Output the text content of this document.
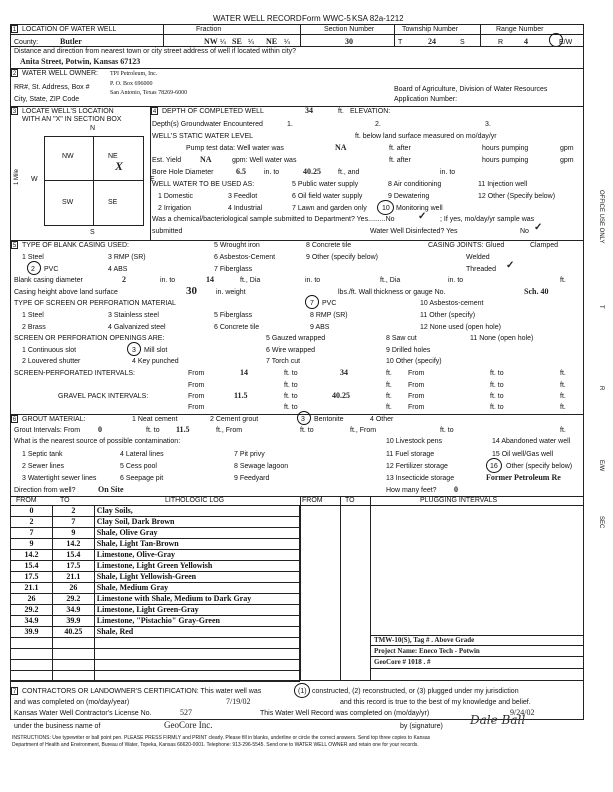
WATER WELL RECORD Form WWC-5 KSA 82a-1212
1 LOCATION OF WATER WELL	Fraction	Section Number	Township Number	Range Number
County:	Butler	NW ¼ SE ¼ NE ¼	30	T	24	S	R	4	E/W
Distance and direction from nearest town or city street address of well if located within city?
Anita Street, Potwin, Kansas 67123
2 WATER WELL OWNER: TPI Petroleum, Inc.
RR#, St. Address, Box #	P. O. Box 696000
City, State, ZIP Code
San Antonio, Texas 78269-6000	Board of Agriculture, Division of Water Resources
Application Number:
3 LOCATE WELL'S LOCATION
WITH AN "X" IN SECTION BOX
N
S
W	E
1 Mile
NW	NE
X
SW	SE
4 DEPTH OF COMPLETED WELL	34	ft. ELEVATION:
Depth(s) Groundwater Encountered	1.	2.	3.
WELL'S STATIC WATER LEVEL	ft. below land surface measured on mo/day/yr
Pump test data: Well water was	NA	ft. after	hours pumping	gpm
Est. Yield NA	gpm: Well water was	ft. after	hours pumping	gpm
Bore Hole Diameter	6.5	in. to	40.25 ft., and	in. to
WELL WATER TO BE USED AS:	5 Public water supply	8 Air conditioning	11 Injection well
1 Domestic	3 Feedlot	6 Oil field water supply	9 Dewatering	12 Other (Specify below)
2 Irrigation	4 Industrial	7 Lawn and garden only 10 Monitoring well
Was a chemical/bacteriological sample submitted to Department? Yes.........No ✓ ; If yes, mo/day/yr sample was
submitted	Water Well Disinfected? Yes	No ✓
5 TYPE OF BLANK CASING USED:	5 Wrought iron	8 Concrete tile	CASING JOINTS: Glued	Clamped
1 Steel	3 RMP (SR)	6 Asbestos-Cement	9 Other (specify below)	Welded
2 PVC	4 ABS	7 Fiberglass	Threaded ✓
Blank casing diameter	2	in. to	14	ft., Dia	in. to	ft., Dia	in. to	ft.
Casing height above land surface	30	in. weight	lbs./ft. Wall thickness or gauge No.	Sch. 40
TYPE OF SCREEN OR PERFORATION MATERIAL	7 PVC	10 Asbestos-cement
1 Steel	3 Stainless steel	5 Fiberglass	8 RMP (SR)	11 Other (specify)
2 Brass	4 Galvanized steel	6 Concrete tile	9 ABS	12 None used (open hole)
SCREEN OR PERFORATION OPENINGS ARE:	5 Gauzed wrapped	8 Saw cut	11 None (open hole)
1 Continuous slot	3 Mill slot	6 Wire wrapped	9 Drilled holes
2 Louvered shutter	4 Key punched	7 Torch cut	10 Other (specify)
SCREEN-PERFORATED INTERVALS:	From	14	ft. to	34	ft. From	ft. to	ft.
From	ft. to	ft. From	ft. to	ft.
GRAVEL PACK INTERVALS:	From	11.5	ft. to	40.25	ft. From	ft. to	ft.
From	ft. to	ft. From	ft. to	ft.
6 GROUT MATERIAL:	1 Neat cement	2 Cement grout	3 Bentonite	4 Other
Grout Intervals: From 0	ft. to 11.5	ft., From	ft. to	ft., From	ft. to	ft.
What is the nearest source of possible contamination:	10 Livestock pens	14 Abandoned water well
1 Septic tank	4 Lateral lines	7 Pit privy	11 Fuel storage	15 Oil well/Gas well
2 Sewer lines	5 Cess pool	8 Sewage lagoon	12 Fertilizer storage	16 Other (specify below)
3 Watertight sewer lines	6 Seepage pit	9 Feedyard	13 Insecticide storage	Former Petroleum Re
Direction from well?	On Site	How many feet? 0
FROM	TO	LITHOLOGIC LOG	FROM	TO	PLUGGING INTERVALS
0	2	Clay Soils,
2	7	Clay Soil, Dark Brown
7	9	Shale, Olive Gray
9	14.2	Shale, Light Tan-Brown
14.2	15.4	Limestone, Olive-Gray
15.4	17.5	Limestone, Light Green Yellowish
17.5	21.1	Shale, Light Yellowish-Green
21.1	26	Shale, Medium Gray
26	29.2	Limestone with Shale, Medium to Dark Gray
29.2	34.9	Limestone, Light Green-Gray
34.9	39.9	Limestone, "Pistachio" Gray-Green
39.9	40.25	Shale, Red

TMW-10(S), Tag # . Above Grade
Project Name: Eneco Tech - Potwin
GeoCore # 1018 . #
7 CONTRACTORS OR LANDOWNER'S CERTIFICATION: This water well was	(1) constructed, (2) reconstructed, or (3) plugged under my jurisdiction
and was completed on (mo/day/year)	7/19/02	and this record is true to the best of my knowledge and belief.
Kansas Water Well Contractor's License No.	527	This Water Well Record was completed on (mo/day/yr)	9/24/02
under the business name of	GeoCore Inc.	by (signature) Dale Ball
INSTRUCTIONS: Use typewriter or ball point pen. PLEASE PRESS FIRMLY and PRINT clearly. Please fill in blanks, underline or circle the correct answers. Send top three copies to Kansas
Department of Health and Environment, Bureau of Water, Topeka, Kansas 66620-0001. Telephone: 913-296-5545. Send one to WATER WELL OWNER and retain one for your records.
OFFICE USE ONLY
T
R
E/W
SEC
